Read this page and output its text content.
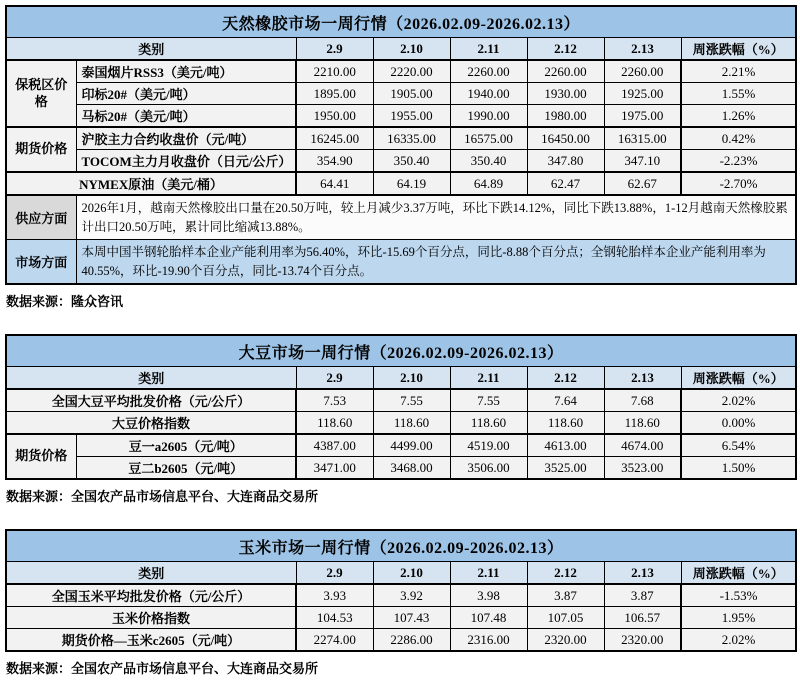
天然橡胶市场一周行情（2026.02.09-2026.02.13）							
类别		2.9	2.10	2.11	2.12	2.13	周涨跌幅（%）
保税区价格	泰国烟片RSS3（美元/吨）	2210.00	2220.00	2260.00	2260.00	2260.00	2.21%
	印标20#（美元/吨）	1895.00	1905.00	1940.00	1930.00	1925.00	1.55%
	马标20#（美元/吨）	1950.00	1955.00	1990.00	1980.00	1975.00	1.26%
期货价格	沪胶主力合约收盘价（元/吨）	16245.00	16335.00	16575.00	16450.00	16315.00	0.42%
	TOCOM主力月收盘价（日元/公斤）	354.90	350.40	350.40	347.80	347.10	-2.23%
NYMEX原油（美元/桶）		64.41	64.19	64.89	62.47	62.67	-2.70%
供应方面	2026年1月，越南天然橡胶出口量在20.50万吨，较上月减少3.37万吨，环比下跌14.12%，同比下跌13.88%，1-12月越南天然橡胶累计出口20.50万吨，累计同比缩减13.88%。						
市场方面	本周中国半钢轮胎样本企业产能利用率为56.40%，环比-15.69个百分点，同比-8.88个百分点；全钢轮胎样本企业产能利用率为40.55%，环比-19.90个百分点，同比-13.74个百分点。						

数据来源：隆众咨讯

大豆市场一周行情（2026.02.09-2026.02.13）							
类别		2.9	2.10	2.11	2.12	2.13	周涨跌幅（%）
全国大豆平均批发价格（元/公斤）		7.53	7.55	7.55	7.64	7.68	2.02%
大豆价格指数		118.60	118.60	118.60	118.60	118.60	0.00%
期货价格	豆一a2605（元/吨）	4387.00	4499.00	4519.00	4613.00	4674.00	6.54%
	豆二b2605（元/吨）	3471.00	3468.00	3506.00	3525.00	3523.00	1.50%

数据来源：全国农产品市场信息平台、大连商品交易所

玉米市场一周行情（2026.02.09-2026.02.13）						
类别	2.9	2.10	2.11	2.12	2.13	周涨跌幅（%）
全国玉米平均批发价格（元/公斤）	3.93	3.92	3.98	3.87	3.87	-1.53%
玉米价格指数	104.53	107.43	107.48	107.05	106.57	1.95%
期货价格—玉米c2605（元/吨）	2274.00	2286.00	2316.00	2320.00	2320.00	2.02%

数据来源：全国农产品市场信息平台、大连商品交易所
